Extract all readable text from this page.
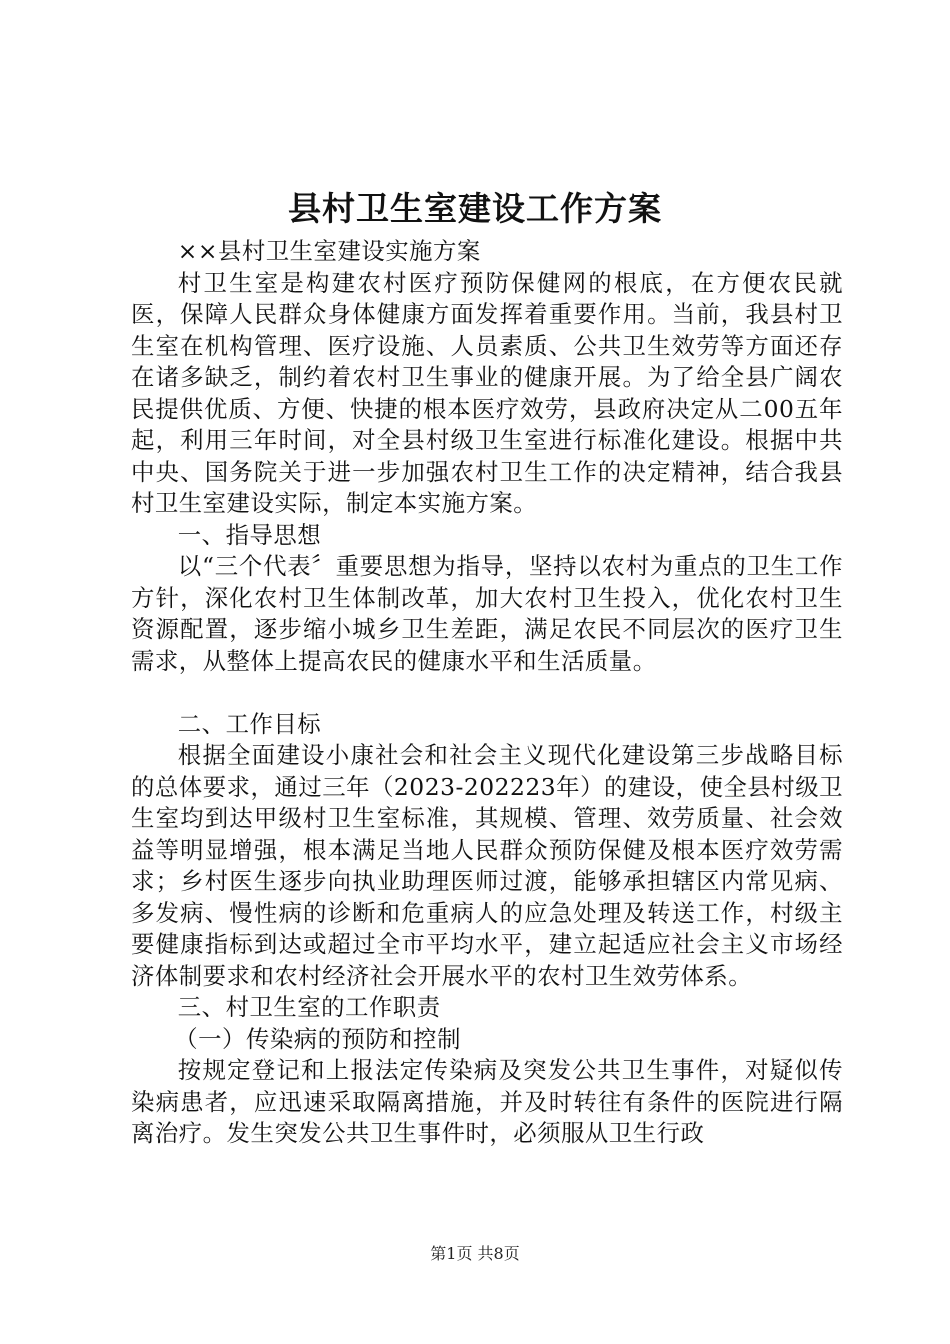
县村卫生室建设工作方案

××县村卫生室建设实施方案

村卫生室是构建农村医疗预防保健网的根底，在方便农民就医，保障人民群众身体健康方面发挥着重要作用。当前，我县村卫生室在机构管理、医疗设施、人员素质、公共卫生效劳等方面还存在诸多缺乏，制约着农村卫生事业的健康开展。为了给全县广阔农民提供优质、方便、快捷的根本医疗效劳，县政府决定从二00五年起，利用三年时间，对全县村级卫生室进行标准化建设。根据中共中央、国务院关于进一步加强农村卫生工作的决定精神，结合我县村卫生室建设实际，制定本实施方案。

一、指导思想

以“三个代表〞重要思想为指导，坚持以农村为重点的卫生工作方针，深化农村卫生体制改革，加大农村卫生投入，优化农村卫生资源配置，逐步缩小城乡卫生差距，满足农民不同层次的医疗卫生需求，从整体上提高农民的健康水平和生活质量。

二、工作目标

根据全面建设小康社会和社会主义现代化建设第三步战略目标的总体要求，通过三年（2023-202223年）的建设，使全县村级卫生室均到达甲级村卫生室标准，其规模、管理、效劳质量、社会效益等明显增强，根本满足当地人民群众预防保健及根本医疗效劳需求；乡村医生逐步向执业助理医师过渡，能够承担辖区内常见病、多发病、慢性病的诊断和危重病人的应急处理及转送工作，村级主要健康指标到达或超过全市平均水平，建立起适应社会主义市场经济体制要求和农村经济社会开展水平的农村卫生效劳体系。

三、村卫生室的工作职责

（一）传染病的预防和控制

按规定登记和上报法定传染病及突发公共卫生事件，对疑似传染病患者，应迅速采取隔离措施，并及时转往有条件的医院进行隔离治疗。发生突发公共卫生事件时，必须服从卫生行政

第1页 共8页
